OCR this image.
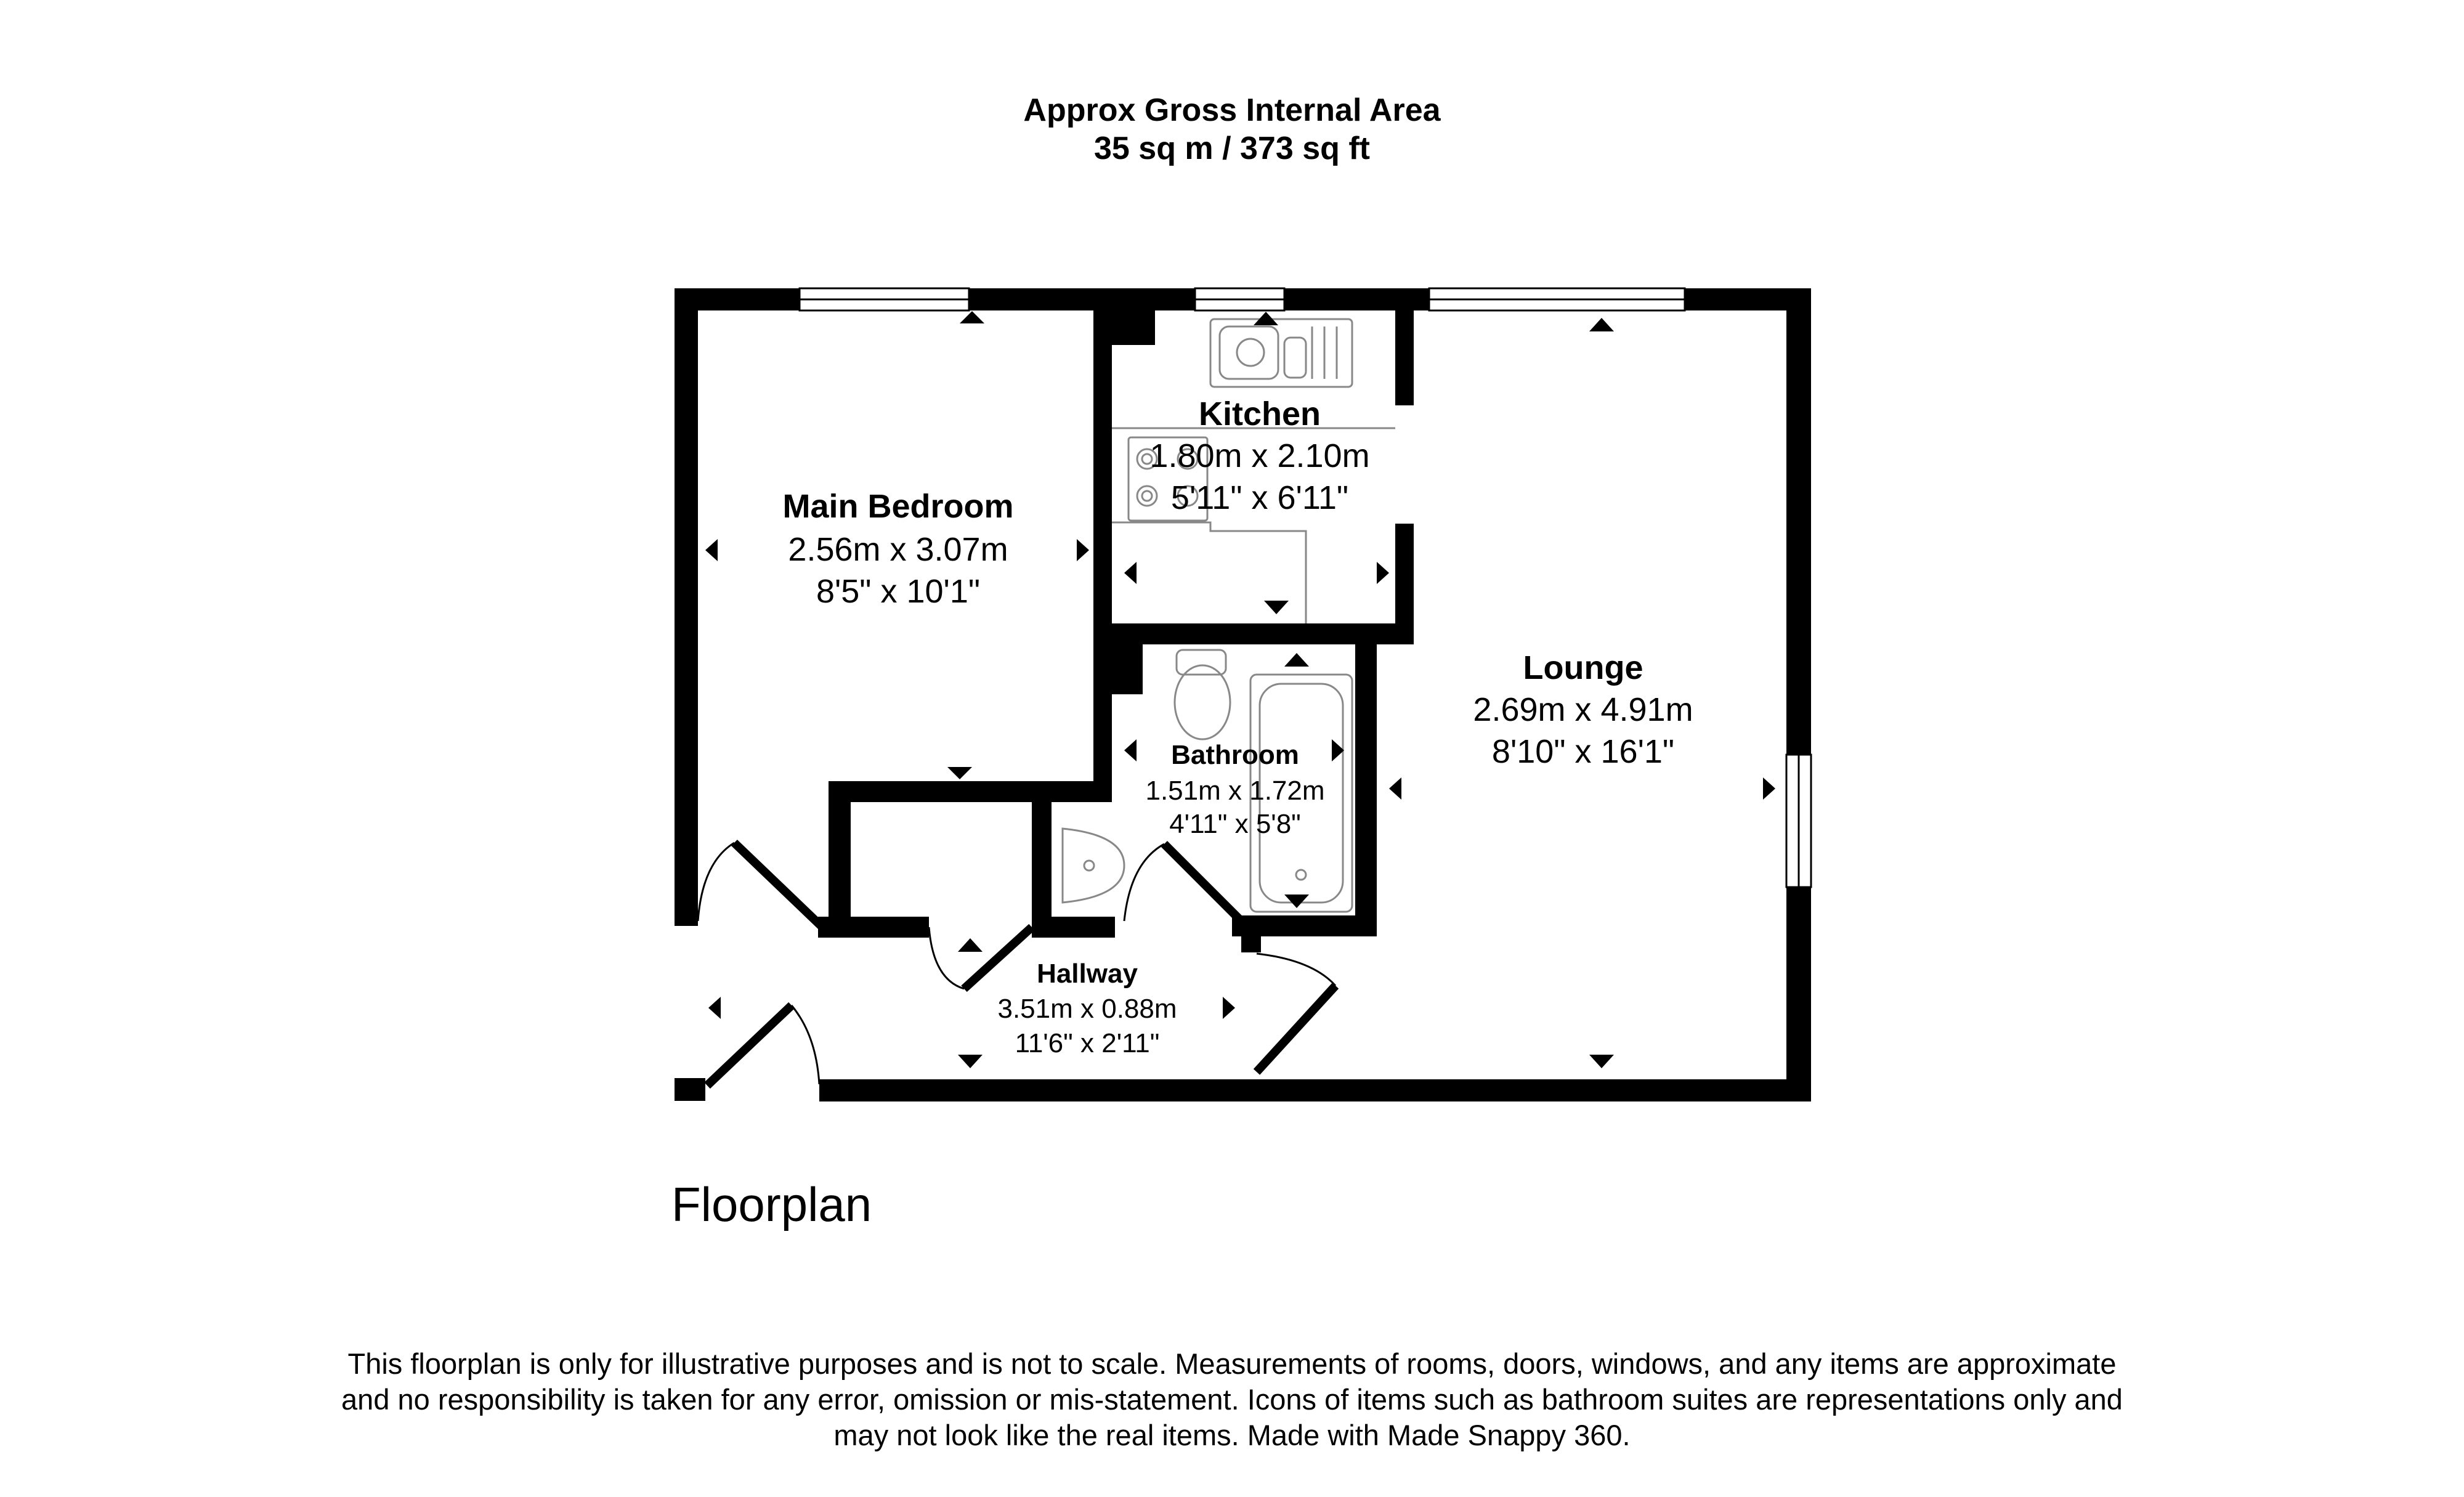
Approx Gross Internal Area
35 sq m / 373 sq ft
Main Bedroom
2.56m x 3.07m
8'5" x 10'1"
Kitchen
1.80m x 2.10m
5'11" x 6'11"
Lounge
2.69m x 4.91m
8'10" x 16'1"
Bathroom
1.51m x 1.72m
4'11" x 5'8"
Hallway
3.51m x 0.88m
11'6" x 2'11"
Floorplan
This floorplan is only for illustrative purposes and is not to scale. Measurements of rooms, doors, windows, and any items are approximate
and no responsibility is taken for any error, omission or mis-statement. Icons of items such as bathroom suites are representations only and
may not look like the real items. Made with Made Snappy 360.
